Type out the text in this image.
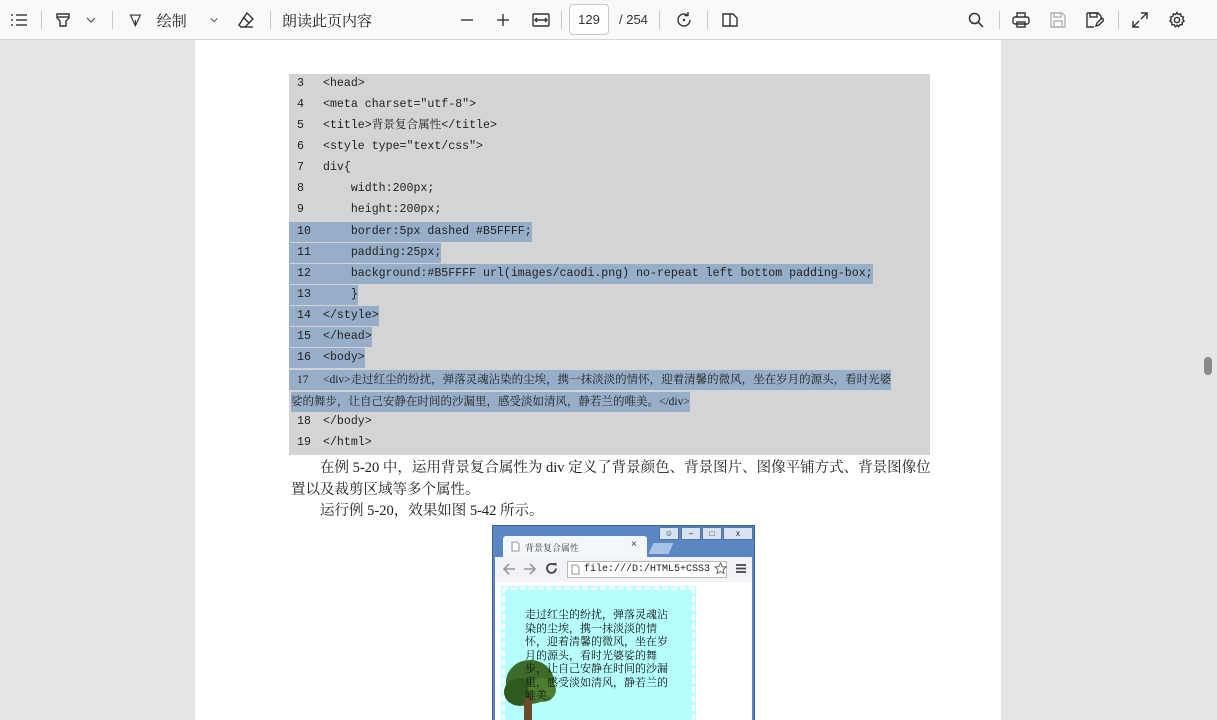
绘制	朗读此页内容	129	/ 254
3 <head>
4 <meta charset="utf-8">
5 <title>背景复合属性</title>
6 <style type="text/css">
7 div{
8    width:200px;
9    height:200px;
10    border:5px dashed #B5FFFF;
11    padding:25px;
12    background:#B5FFFF url(images/caodi.png) no-repeat left bottom padding-box;
13    }
14 </style>
15 </head>
16 <body>
17 <div>走过红尘的纷扰，弹落灵魂沾染的尘埃，携一抹淡淡的情怀，迎着清馨的微风，坐在岁月的源头，看时光婆
娑的舞步，让自己安静在时间的沙漏里，感受淡如清风，静若兰的唯美。</div>
18 </body>
19 </html>
在例 5-20 中，运用背景复合属性为 div 定义了背景颜色、背景图片、图像平铺方式、背景图像位
置以及裁剪区域等多个属性。
运行例 5-20，效果如图 5-42 所示。
☺	–	□	x
背景复合属性	×
file:///D:/HTML5+CSS3
走过红尘的纷扰，弹落灵魂沾染的尘埃，携一抹淡淡的情怀，迎着清馨的微风，坐在岁月的源头，看时光婆娑的舞步，让自己安静在时间的沙漏里，感受淡如清风，静若兰的唯美。
